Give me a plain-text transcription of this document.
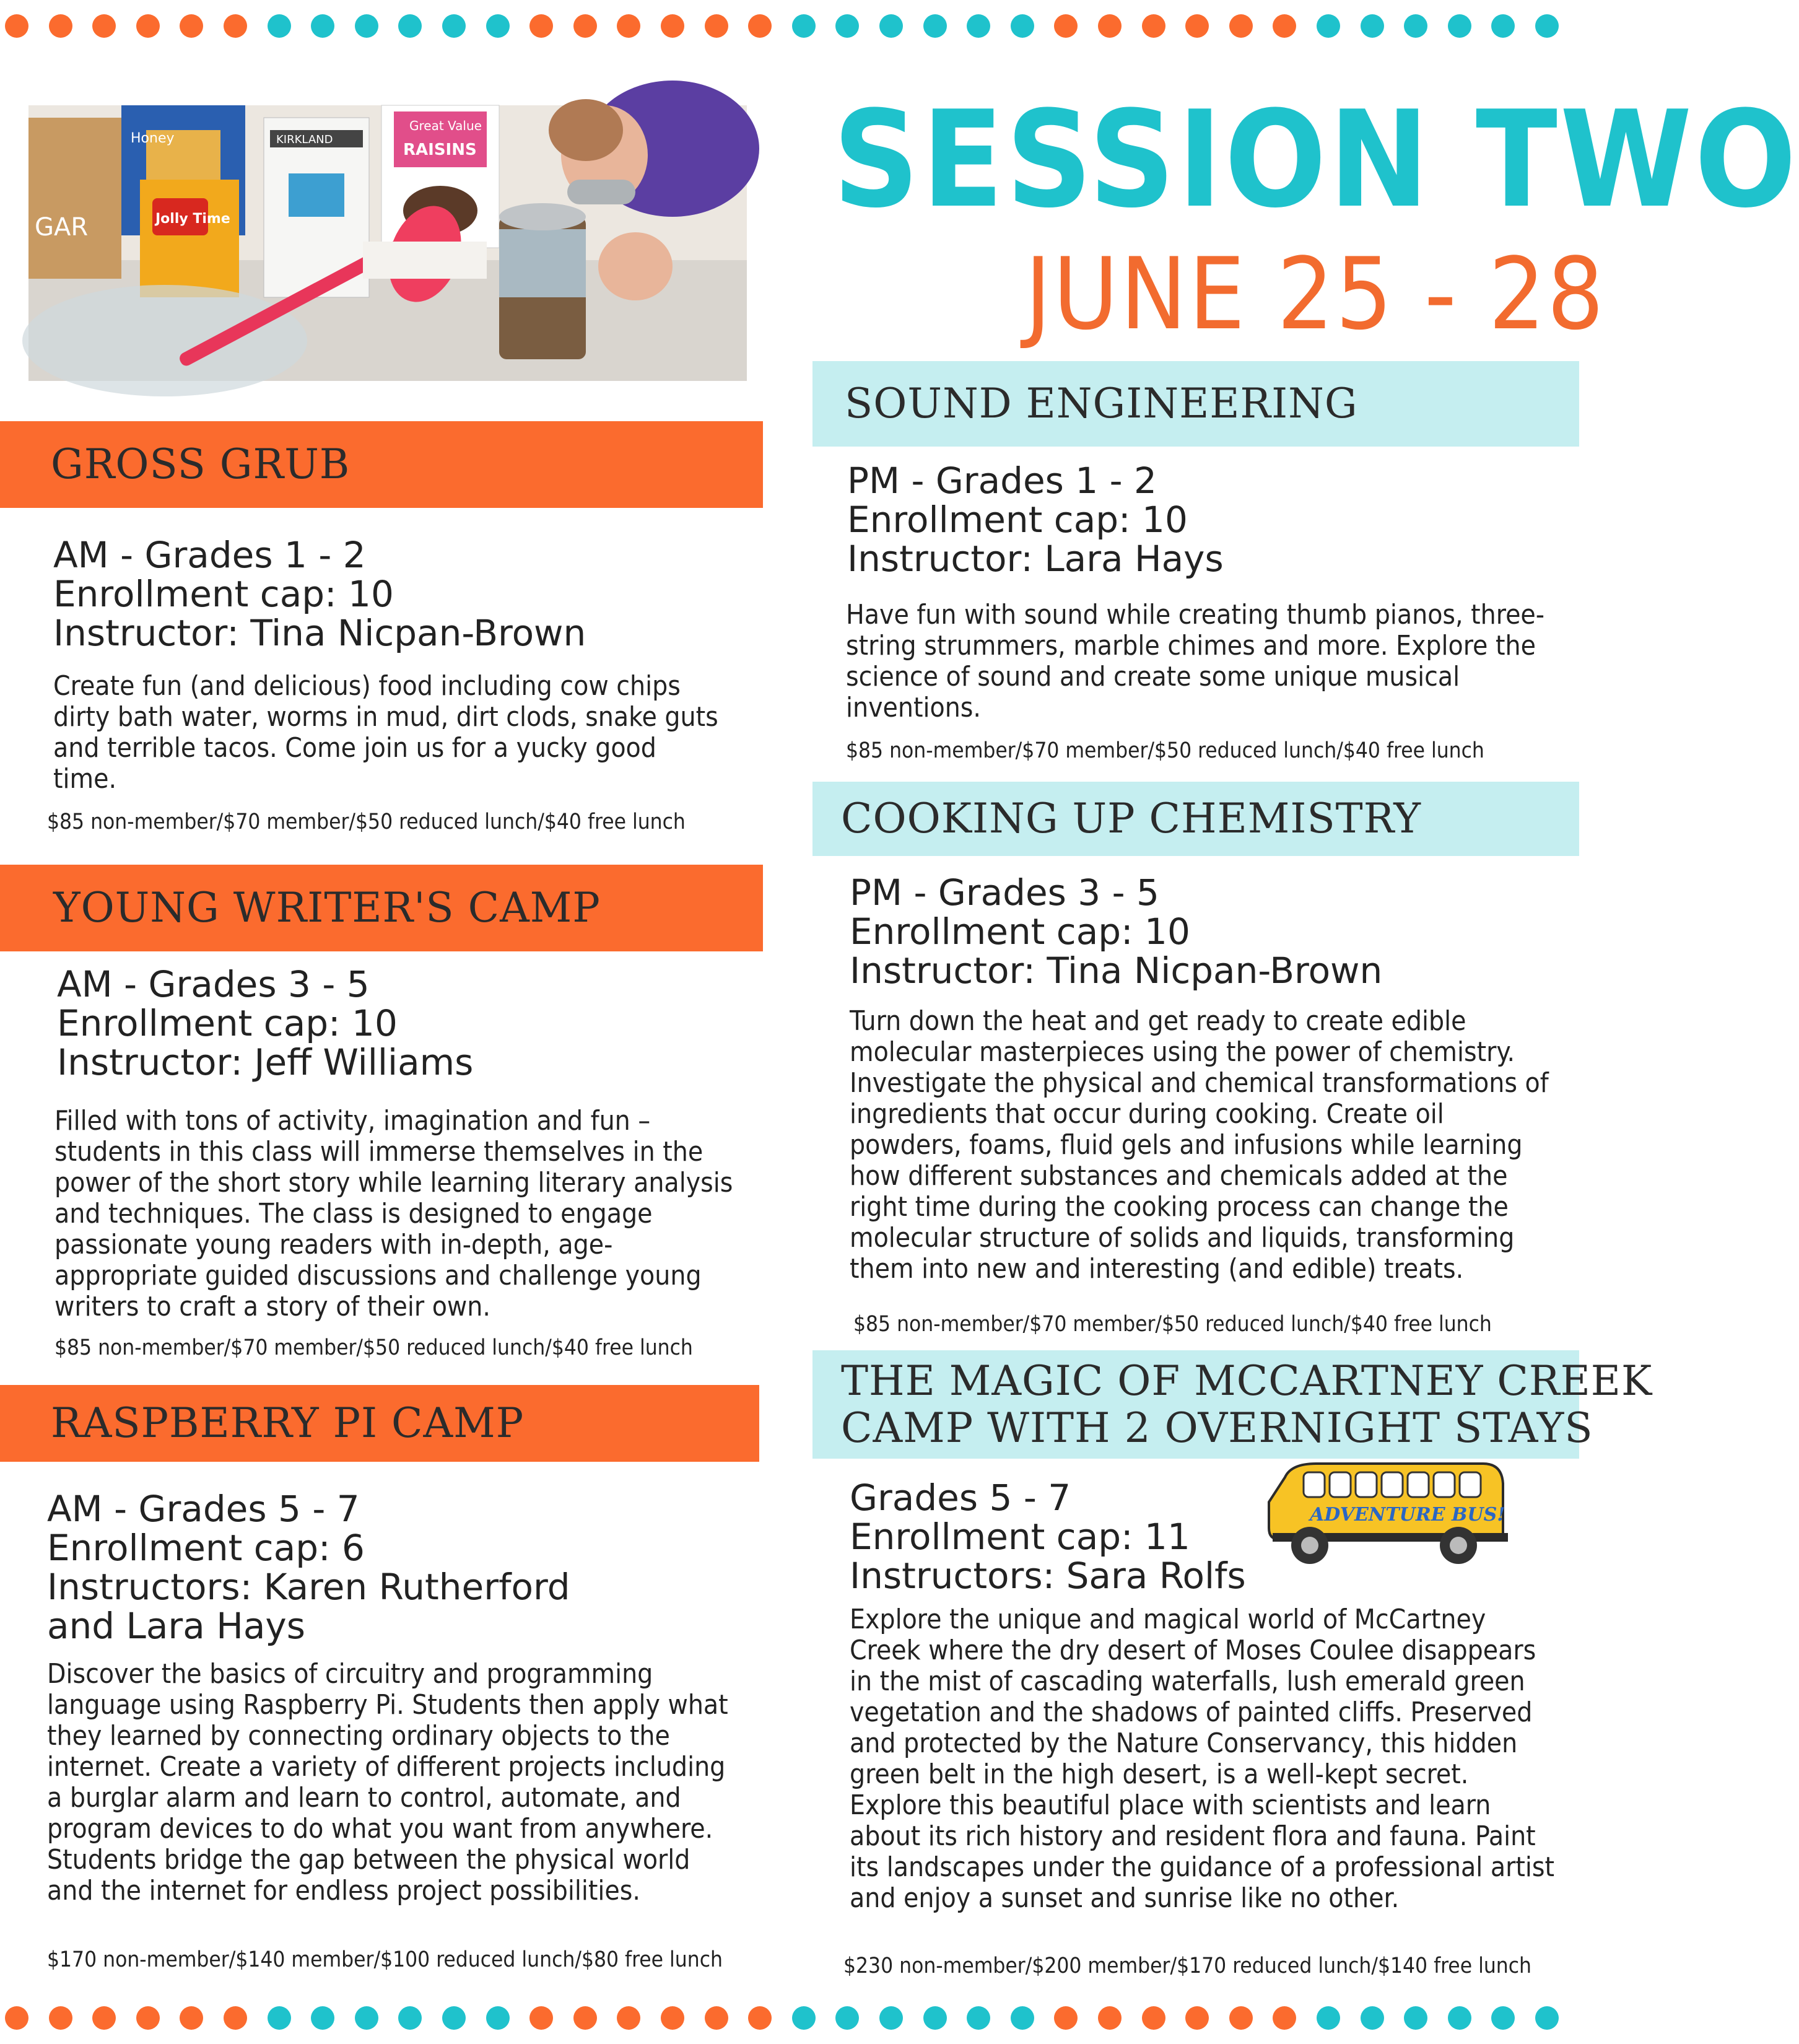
GAR
Honey
Jolly Time
KIRKLAND
Great Value
RAISINS	SESSION TWO
JUNE 25 - 28
GROSS GRUB
AM - Grades 1 - 2
Enrollment cap: 10
Instructor: Tina Nicpan-Brown
Create fun (and delicious) food including cow chips dirty bath water, worms in mud, dirt clods, snake guts and terrible tacos. Come join us for a yucky good time.
$85 non-member/$70 member/$50 reduced lunch/$40 free lunch
YOUNG WRITER'S CAMP
AM - Grades 3 - 5
Enrollment cap: 10
Instructor: Jeff Williams
Filled with tons of activity, imagination and fun – students in this class will immerse themselves in the power of the short story while learning literary analysis and techniques. The class is designed to engage passionate young readers with in-depth, age-appropriate guided discussions and challenge young writers to craft a story of their own.
$85 non-member/$70 member/$50 reduced lunch/$40 free lunch
RASPBERRY PI CAMP
AM - Grades 5 - 7
Enrollment cap: 6
Instructors: Karen Rutherford
and Lara Hays
Discover the basics of circuitry and programming language using Raspberry Pi. Students then apply what they learned by connecting ordinary objects to the internet. Create a variety of different projects including a burglar alarm and learn to control, automate, and program devices to do what you want from anywhere. Students bridge the gap between the physical world and the internet for endless project possibilities.
$170 non-member/$140 member/$100 reduced lunch/$80 free lunch
SOUND ENGINEERING
PM - Grades 1 - 2
Enrollment cap: 10
Instructor: Lara Hays
Have fun with sound while creating thumb pianos, three-string strummers, marble chimes and more. Explore the science of sound and create some unique musical inventions.
$85 non-member/$70 member/$50 reduced lunch/$40 free lunch
COOKING UP CHEMISTRY
PM - Grades 3 - 5
Enrollment cap: 10
Instructor: Tina Nicpan-Brown
Turn down the heat and get ready to create edible molecular masterpieces using the power of chemistry. Investigate the physical and chemical transformations of ingredients that occur during cooking. Create oil powders, foams, fluid gels and infusions while learning how different substances and chemicals added at the right time during the cooking process can change the molecular structure of solids and liquids, transforming them into new and interesting (and edible) treats.
$85 non-member/$70 member/$50 reduced lunch/$40 free lunch
THE MAGIC OF MCCARTNEY CREEK
CAMP WITH 2 OVERNIGHT STAYS
Grades 5 - 7
Enrollment cap: 11
Instructors: Sara Rolfs
ADVENTURE BUS!
Explore the unique and magical world of McCartney Creek where the dry desert of Moses Coulee disappears in the mist of cascading waterfalls, lush emerald green vegetation and the shadows of painted cliffs. Preserved and protected by the Nature Conservancy, this hidden green belt in the high desert, is a well-kept secret. Explore this beautiful place with scientists and learn about its rich history and resident flora and fauna. Paint its landscapes under the guidance of a professional artist and enjoy a sunset and sunrise like no other.
$230 non-member/$200 member/$170 reduced lunch/$140 free lunch
